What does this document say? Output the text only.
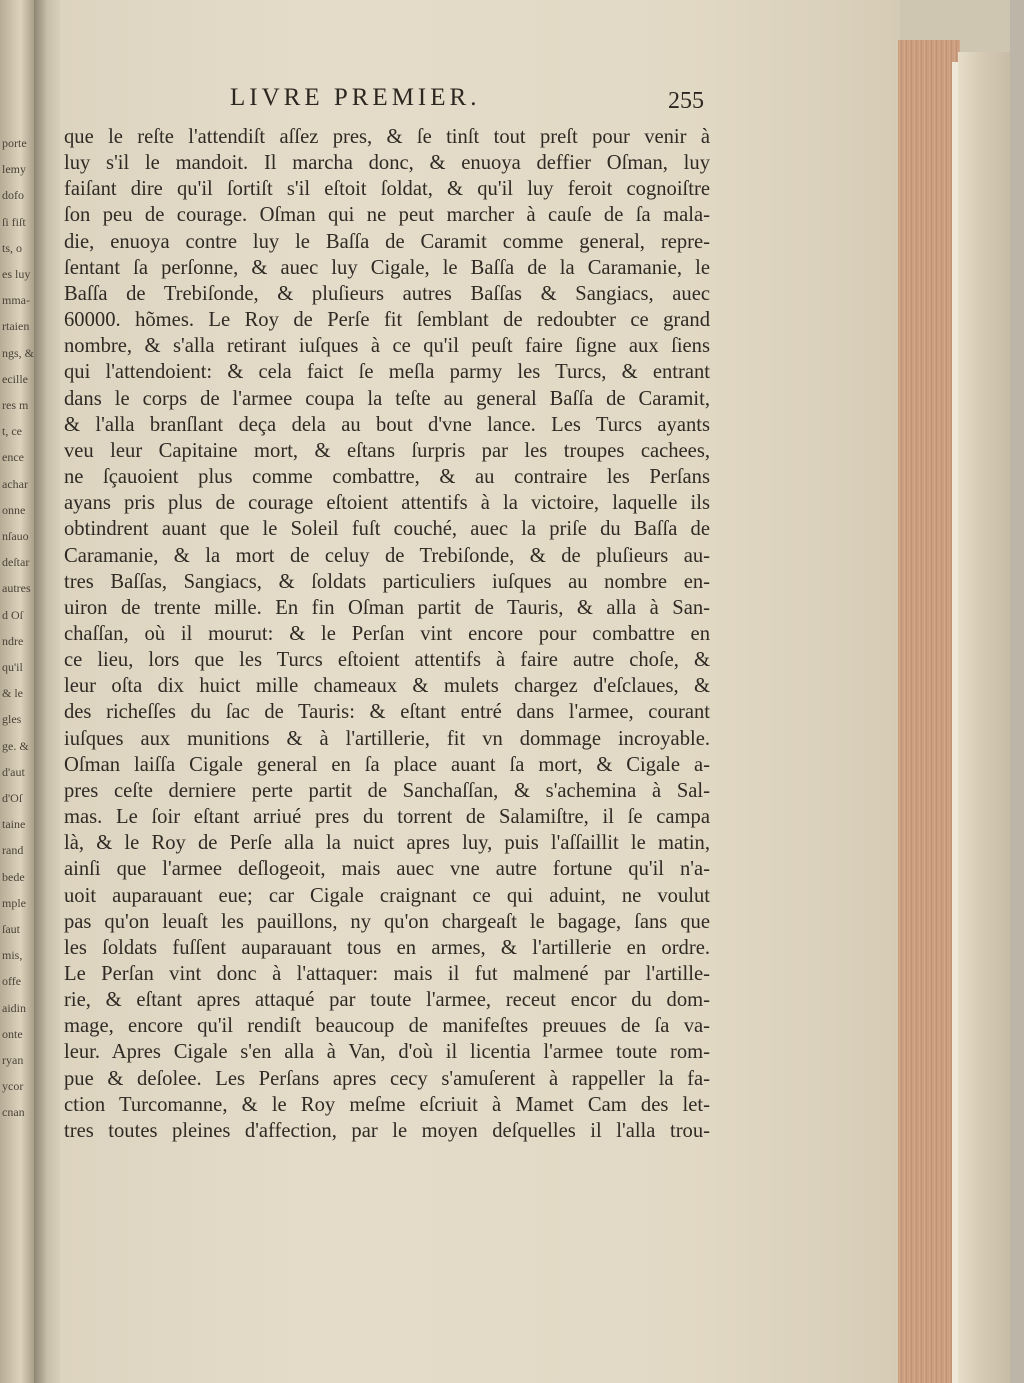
porte
lemy
dofo
ſi fiſt
ts, o
es luy
mma-
rtaien
ngs, &
ecille
res m
t, ce
ence
achar
onne
nſauo
deſtar
autres
d Oſ
ndre
qu'il
& le
gles
ge. &
d'aut
d'Oſ
taine
rand
bede
mple
ſaut
mis,
offe
aidin
onte
ryan
ycor
cnan
LIVRE PREMIER.	255
que le reſte l'attendiſt aſſez pres, & ſe tinſt tout preſt pour venir à
luy s'il le mandoit. Il marcha donc, & enuoya deffier Oſman, luy
faiſant dire qu'il ſortiſt s'il eſtoit ſoldat, & qu'il luy feroit cognoiſtre
ſon peu de courage. Oſman qui ne peut marcher à cauſe de ſa mala-
die, enuoya contre luy le Baſſa de Caramit comme general, repre-
ſentant ſa perſonne, & auec luy Cigale, le Baſſa de la Caramanie, le
Baſſa de Trebiſonde, & pluſieurs autres Baſſas & Sangiacs, auec
60000. hõmes. Le Roy de Perſe fit ſemblant de redoubter ce grand
nombre, & s'alla retirant iuſques à ce qu'il peuſt faire ſigne aux ſiens
qui l'attendoient: & cela faict ſe meſla parmy les Turcs, & entrant
dans le corps de l'armee coupa la teſte au general Baſſa de Caramit,
& l'alla branſlant deça dela au bout d'vne lance. Les Turcs ayants
veu leur Capitaine mort, & eſtans ſurpris par les troupes cachees,
ne ſçauoient plus comme combattre, & au contraire les Perſans
ayans pris plus de courage eſtoient attentifs à la victoire, laquelle ils
obtindrent auant que le Soleil fuſt couché, auec la priſe du Baſſa de
Caramanie, & la mort de celuy de Trebiſonde, & de pluſieurs au-
tres Baſſas, Sangiacs, & ſoldats particuliers iuſques au nombre en-
uiron de trente mille. En fin Oſman partit de Tauris, & alla à San-
chaſſan, où il mourut: & le Perſan vint encore pour combattre en
ce lieu, lors que les Turcs eſtoient attentifs à faire autre choſe, &
leur oſta dix huict mille chameaux & mulets chargez d'eſclaues, &
des richeſſes du ſac de Tauris: & eſtant entré dans l'armee, courant
iuſques aux munitions & à l'artillerie, fit vn dommage incroyable.
Oſman laiſſa Cigale general en ſa place auant ſa mort, & Cigale a-
pres ceſte derniere perte partit de Sanchaſſan, & s'achemina à Sal-
mas. Le ſoir eſtant arriué pres du torrent de Salamiſtre, il ſe campa
là, & le Roy de Perſe alla la nuict apres luy, puis l'aſſaillit le matin,
ainſi que l'armee deſlogeoit, mais auec vne autre fortune qu'il n'a-
uoit auparauant eue; car Cigale craignant ce qui aduint, ne voulut
pas qu'on leuaſt les pauillons, ny qu'on chargeaſt le bagage, ſans que
les ſoldats fuſſent auparauant tous en armes, & l'artillerie en ordre.
Le Perſan vint donc à l'attaquer: mais il fut malmené par l'artille-
rie, & eſtant apres attaqué par toute l'armee, receut encor du dom-
mage, encore qu'il rendiſt beaucoup de manifeſtes preuues de ſa va-
leur. Apres Cigale s'en alla à Van, d'où il licentia l'armee toute rom-
pue & deſolee. Les Perſans apres cecy s'amuſerent à rappeller la fa-
ction Turcomanne, & le Roy meſme eſcriuit à Mamet Cam des let-
tres toutes pleines d'affection, par le moyen deſquelles il l'alla trou-
